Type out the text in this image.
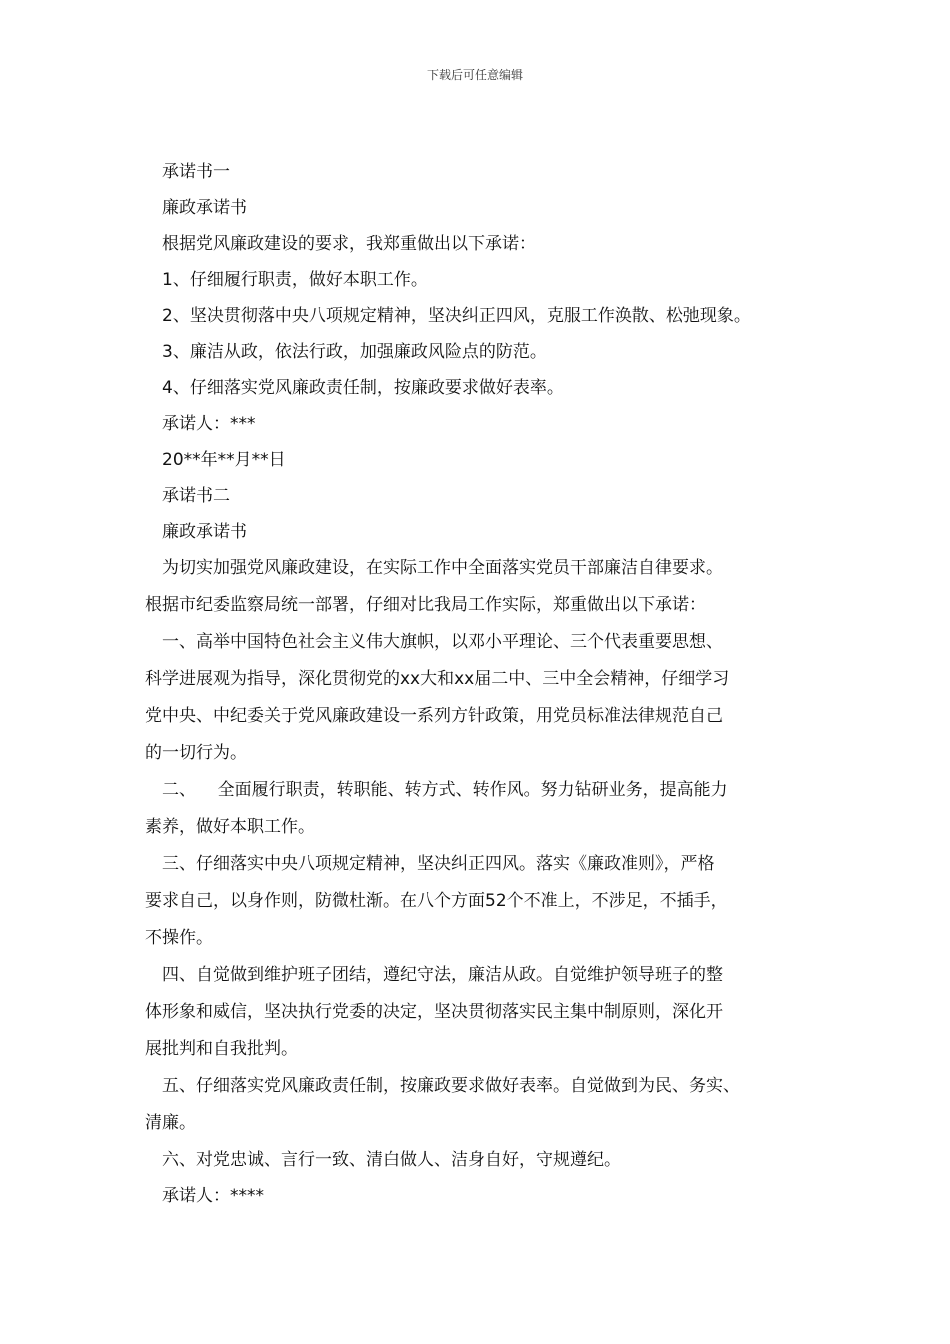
下载后可任意编辑

承诺书一

廉政承诺书

根据党风廉政建设的要求，我郑重做出以下承诺：

1、仔细履行职责，做好本职工作。

2、坚决贯彻落中央八项规定精神，坚决纠正四风，克服工作涣散、松弛现象。

3、廉洁从政，依法行政，加强廉政风险点的防范。

4、仔细落实党风廉政责任制，按廉政要求做好表率。

承诺人：***

20**年**月**日

承诺书二

廉政承诺书

为切实加强党风廉政建设，在实际工作中全面落实党员干部廉洁自律要求。

根据市纪委监察局统一部署，仔细对比我局工作实际，郑重做出以下承诺：

一、高举中国特色社会主义伟大旗帜，以邓小平理论、三个代表重要思想、

科学进展观为指导，深化贯彻党的xx大和xx届二中、三中全会精神，仔细学习

党中央、中纪委关于党风廉政建设一系列方针政策，用党员标准法律规范自己

的一切行为。

二、    全面履行职责，转职能、转方式、转作风。努力钻研业务，提高能力

素养，做好本职工作。

三、仔细落实中央八项规定精神，坚决纠正四风。落实《廉政准则》，严格

要求自己，以身作则，防微杜渐。在八个方面52个不准上，不涉足，不插手，

不操作。

四、自觉做到维护班子团结，遵纪守法，廉洁从政。自觉维护领导班子的整

体形象和威信，坚决执行党委的决定，坚决贯彻落实民主集中制原则，深化开

展批判和自我批判。

五、仔细落实党风廉政责任制，按廉政要求做好表率。自觉做到为民、务实、

清廉。

六、对党忠诚、言行一致、清白做人、洁身自好，守规遵纪。

承诺人：****
